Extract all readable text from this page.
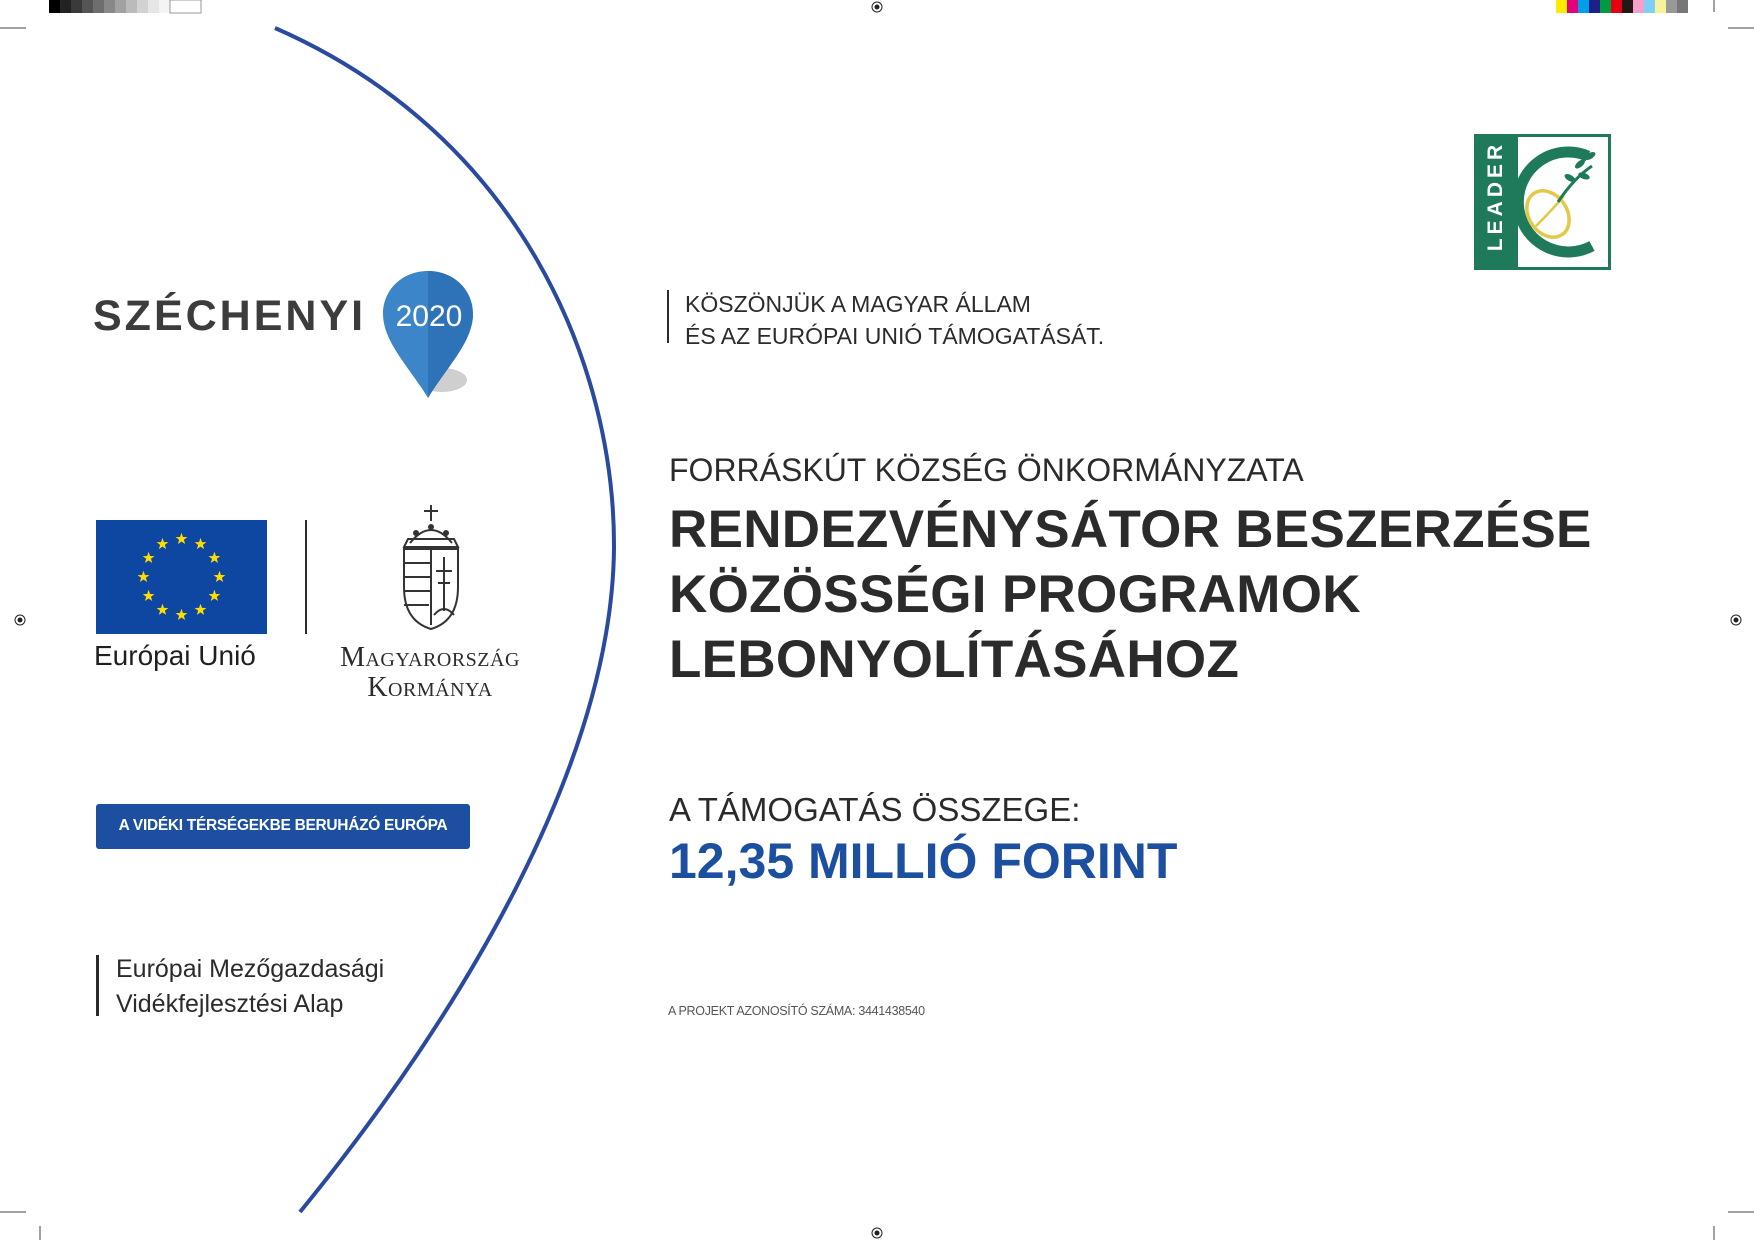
SZÉCHENYI 2020
Európai Unió	Magyarország
Kormánya
A VIDÉKI TÉRSÉGEKBE BERUHÁZÓ EURÓPA
Európai Mezőgazdasági
Vidékfejlesztési Alap
KÖSZÖNJÜK A MAGYAR ÁLLAM
ÉS AZ EURÓPAI UNIÓ TÁMOGATÁSÁT.
FORRÁSKÚT KÖZSÉG ÖNKORMÁNYZATA
RENDEZVÉNYSÁTOR BESZERZÉSE
KÖZÖSSÉGI PROGRAMOK
LEBONYOLÍTÁSÁHOZ
A TÁMOGATÁS ÖSSZEGE:
12,35 MILLIÓ FORINT
A PROJEKT AZONOSÍTÓ SZÁMA: 3441438540
LEADER
